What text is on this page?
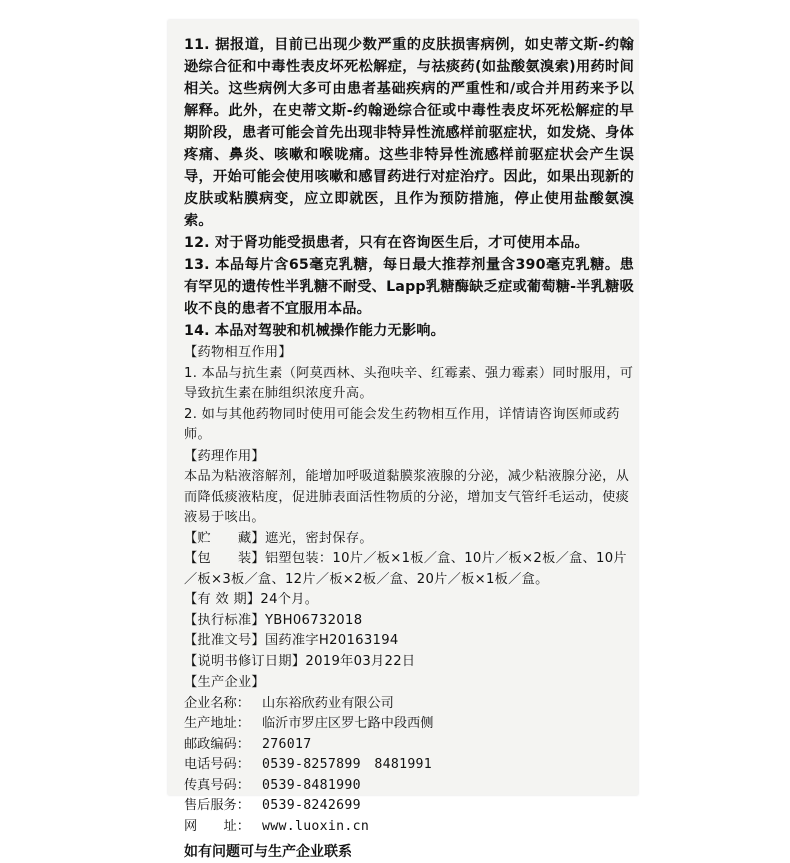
11. 据报道，目前已出现少数严重的皮肤损害病例，如史蒂文斯-约翰逊综合征和中毒性表皮坏死松解症，与祛痰药(如盐酸氨溴索)用药时间相关。这些病例大多可由患者基础疾病的严重性和/或合并用药来予以解释。此外，在史蒂文斯-约翰逊综合征或中毒性表皮坏死松解症的早期阶段，患者可能会首先出现非特异性流感样前驱症状，如发烧、身体疼痛、鼻炎、咳嗽和喉咙痛。这些非特异性流感样前驱症状会产生误导，开始可能会使用咳嗽和感冒药进行对症治疗。因此，如果出现新的皮肤或粘膜病变，应立即就医，且作为预防措施，停止使用盐酸氨溴索。

12. 对于肾功能受损患者，只有在咨询医生后，才可使用本品。

13. 本品每片含65毫克乳糖，每日最大推荐剂量含390毫克乳糖。患有罕见的遗传性半乳糖不耐受、Lapp乳糖酶缺乏症或葡萄糖-半乳糖吸收不良的患者不宜服用本品。

14. 本品对驾驶和机械操作能力无影响。

【药物相互作用】

1. 本品与抗生素（阿莫西林、头孢呋辛、红霉素、强力霉素）同时服用，可导致抗生素在肺组织浓度升高。

2. 如与其他药物同时使用可能会发生药物相互作用，详情请咨询医师或药师。

【药理作用】

本品为粘液溶解剂，能增加呼吸道黏膜浆液腺的分泌，减少粘液腺分泌，从而降低痰液粘度，促进肺表面活性物质的分泌，增加支气管纤毛运动，使痰液易于咳出。

【贮　　藏】遮光，密封保存。

【包　　装】铝塑包装：10片／板×1板／盒、10片／板×2板／盒、10片／板×3板／盒、12片／板×2板／盒、20片／板×1板／盒。

【有 效 期】24个月。

【执行标准】YBH06732018

【批准文号】国药准字H20163194

【说明书修订日期】2019年03月22日

【生产企业】

企业名称： 山东裕欣药业有限公司
生产地址： 临沂市罗庄区罗七路中段西侧
邮政编码： 276017
电话号码： 0539-8257899　8481991
传真号码： 0539-8481990
售后服务： 0539-8242699
网　　址： www.luoxin.cn

如有问题可与生产企业联系
